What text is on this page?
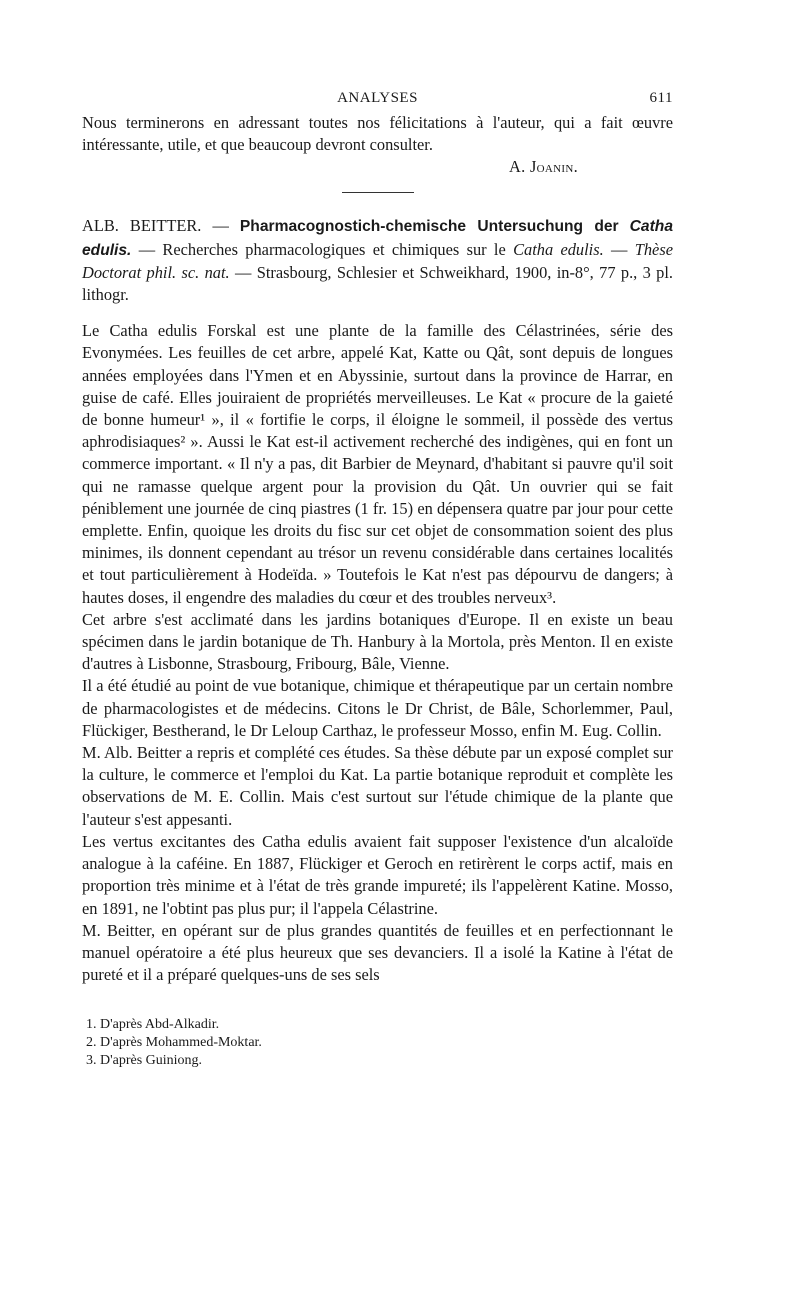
ANALYSES	611

Nous terminerons en adressant toutes nos félicitations à l'auteur, qui a fait œuvre intéressante, utile, et que beaucoup devront consulter.

A. Joanin.

ALB. BEITTER. — Pharmacognostich-chemische Untersuchung der Catha edulis. — Recherches pharmacologiques et chimiques sur le Catha edulis. — Thèse Doctorat phil. sc. nat. — Strasbourg, Schlesier et Schweikhard, 1900, in-8°, 77 p., 3 pl. lithogr.

Le Catha edulis Forskal est une plante de la famille des Célastrinées, série des Evonymées. Les feuilles de cet arbre, appelé Kat, Katte ou Qât, sont depuis de longues années employées dans l'Ymen et en Abyssinie, surtout dans la province de Harrar, en guise de café. Elles jouiraient de propriétés merveilleuses. Le Kat « procure de la gaieté de bonne humeur¹ », il « fortifie le corps, il éloigne le sommeil, il possède des vertus aphrodisiaques² ». Aussi le Kat est-il activement recherché des indigènes, qui en font un commerce important. « Il n'y a pas, dit Barbier de Meynard, d'habitant si pauvre qu'il soit qui ne ramasse quelque argent pour la provision du Qât. Un ouvrier qui se fait péniblement une journée de cinq piastres (1 fr. 15) en dépensera quatre par jour pour cette emplette. Enfin, quoique les droits du fisc sur cet objet de consommation soient des plus minimes, ils donnent cependant au trésor un revenu considérable dans certaines localités et tout particulièrement à Hodeïda. » Toutefois le Kat n'est pas dépourvu de dangers; à hautes doses, il engendre des maladies du cœur et des troubles nerveux³.

Cet arbre s'est acclimaté dans les jardins botaniques d'Europe. Il en existe un beau spécimen dans le jardin botanique de Th. Hanbury à la Mortola, près Menton. Il en existe d'autres à Lisbonne, Strasbourg, Fribourg, Bâle, Vienne.

Il a été étudié au point de vue botanique, chimique et thérapeutique par un certain nombre de pharmacologistes et de médecins. Citons le Dr Christ, de Bâle, Schorlemmer, Paul, Flückiger, Bestherand, le Dr Leloup Carthaz, le professeur Mosso, enfin M. Eug. Collin.

M. Alb. Beitter a repris et complété ces études. Sa thèse débute par un exposé complet sur la culture, le commerce et l'emploi du Kat. La partie botanique reproduit et complète les observations de M. E. Collin. Mais c'est surtout sur l'étude chimique de la plante que l'auteur s'est appesanti.

Les vertus excitantes des Catha edulis avaient fait supposer l'existence d'un alcaloïde analogue à la caféine. En 1887, Flückiger et Geroch en retirèrent le corps actif, mais en proportion très minime et à l'état de très grande impureté; ils l'appelèrent Katine. Mosso, en 1891, ne l'obtint pas plus pur; il l'appela Célastrine.

M. Beitter, en opérant sur de plus grandes quantités de feuilles et en perfectionnant le manuel opératoire a été plus heureux que ses devanciers. Il a isolé la Katine à l'état de pureté et il a préparé quelques-uns de ses sels

1. D'après Abd-Alkadir.
2. D'après Mohammed-Moktar.
3. D'après Guiniong.
